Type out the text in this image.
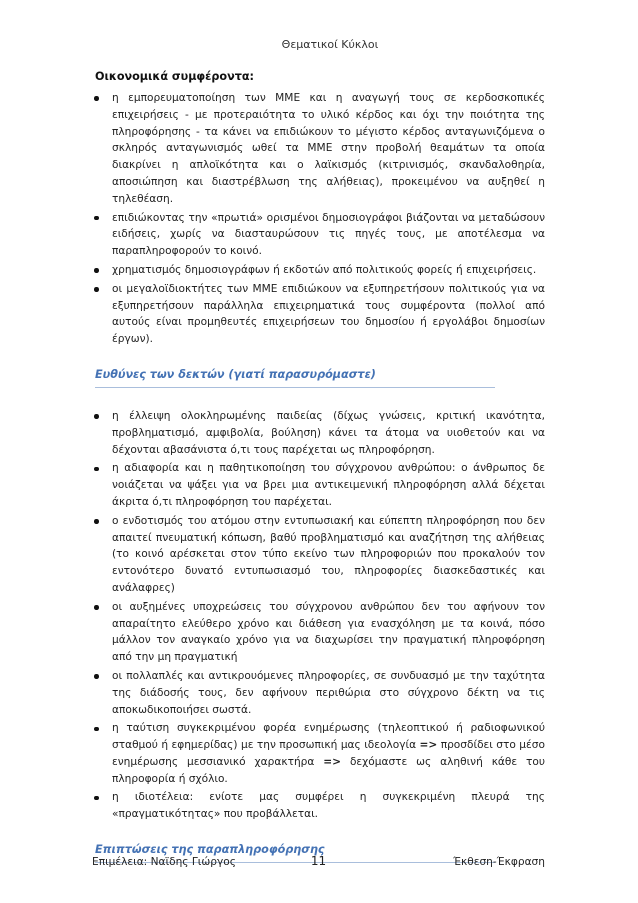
Θεματικοί Κύκλοι
Οικονομικά συμφέροντα:
η εμπορευματοποίηση των ΜΜΕ και η αναγωγή τους σε κερδοσκοπικές επιχειρήσεις - με προτεραιότητα το υλικό κέρδος και όχι την ποιότητα της πληροφόρησης - τα κάνει να επιδιώκουν το μέγιστο κέρδος ανταγωνιζόμενα ο σκληρός ανταγωνισμός ωθεί τα ΜΜΕ στην προβολή θεαμάτων τα οποία διακρίνει η απλοϊκότητα και ο λαϊκισμός (κιτρινισμός, σκανδαλοθηρία, αποσιώπηση και διαστρέβλωση της αλήθειας), προκειμένου να αυξηθεί η τηλεθέαση.
επιδιώκοντας την «πρωτιά» ορισμένοι δημοσιογράφοι βιάζονται να μεταδώσουν ειδήσεις, χωρίς να διασταυρώσουν τις πηγές τους, με αποτέλεσμα να παραπληροφορούν το κοινό.
χρηματισμός δημοσιογράφων ή εκδοτών από πολιτικούς φορείς ή επιχειρήσεις.
οι μεγαλοϊδιοκτήτες των ΜΜΕ επιδιώκουν να εξυπηρετήσουν πολιτικούς για να εξυπηρετήσουν παράλληλα επιχειρηματικά τους συμφέροντα (πολλοί από αυτούς είναι προμηθευτές επιχειρήσεων του δημοσίου ή εργολάβοι δημοσίων έργων).
Ευθύνες των δεκτών (γιατί παρασυρόμαστε)
η έλλειψη ολοκληρωμένης παιδείας (δίχως γνώσεις, κριτική ικανότητα, προβληματισμό, αμφιβολία, βούληση) κάνει τα άτομα να υιοθετούν και να δέχονται αβασάνιστα ό,τι τους παρέχεται ως πληροφόρηση.
η αδιαφορία και η παθητικοποίηση του σύγχρονου ανθρώπου: ο άνθρωπος δε νοιάζεται να ψάξει για να βρει μια αντικειμενική πληροφόρηση αλλά δέχεται άκριτα ό,τι πληροφόρηση του παρέχεται.
ο ενδοτισμός του ατόμου στην εντυπωσιακή και εύπεπτη πληροφόρηση που δεν απαιτεί πνευματική κόπωση, βαθύ προβληματισμό και αναζήτηση της αλήθειας (το κοινό αρέσκεται στον τύπο εκείνο των πληροφοριών που προκαλούν τον εντονότερο δυνατό εντυπωσιασμό του, πληροφορίες διασκεδαστικές και ανάλαφρες)
οι αυξημένες υποχρεώσεις του σύγχρονου ανθρώπου δεν του αφήνουν τον απαραίτητο ελεύθερο χρόνο και διάθεση για ενασχόληση με τα κοινά, πόσο μάλλον τον αναγκαίο χρόνο για να διαχωρίσει την πραγματική πληροφόρηση από την μη πραγματική
οι πολλαπλές και αντικρουόμενες πληροφορίες, σε συνδυασμό με την ταχύτητα της διάδοσής τους, δεν αφήνουν περιθώρια στο σύγχρονο δέκτη να τις αποκωδικοποιήσει σωστά.
η ταύτιση συγκεκριμένου φορέα ενημέρωσης (τηλεοπτικού ή ραδιοφωνικού σταθμού ή εφημερίδας) με την προσωπική μας ιδεολογία => προσδίδει στο μέσο ενημέρωσης μεσσιανικό χαρακτήρα => δεχόμαστε ως αληθινή κάθε του πληροφορία ή σχόλιο.
η ιδιοτέλεια: ενίοτε μας συμφέρει η συγκεκριμένη πλευρά της «πραγματικότητας» που προβάλλεται.
Επιπτώσεις της παραπληροφόρησης
Επιμέλεια: Ναϊδης Γιώργος	11	Έκθεση-Έκφραση
